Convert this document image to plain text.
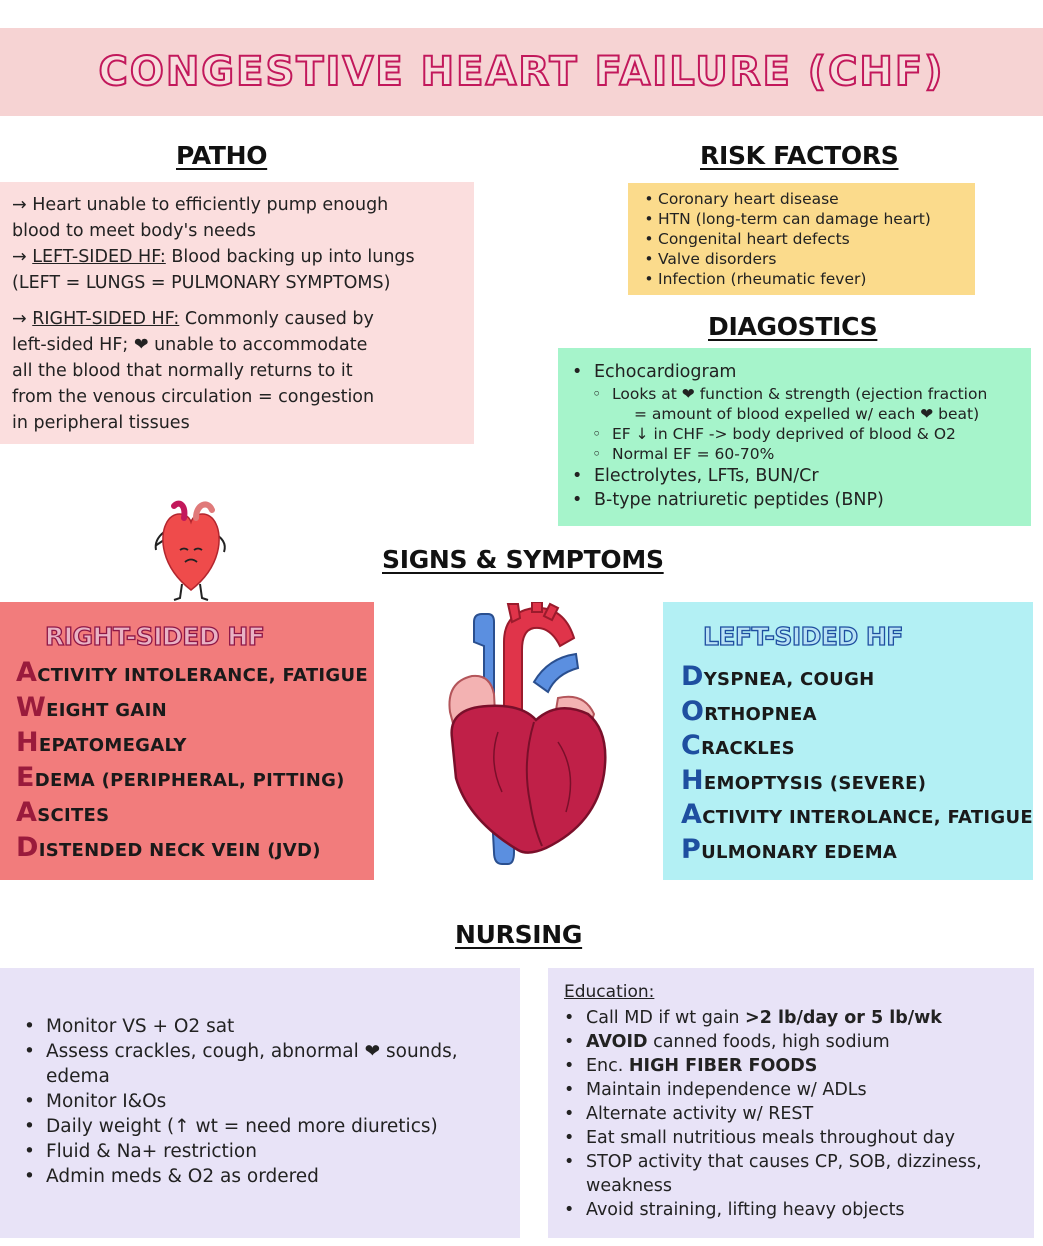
CONGESTIVE HEART FAILURE (CHF)
PATHO
→ Heart unable to efficiently pump enough
blood to meet body's needs
→ LEFT-SIDED HF: Blood backing up into lungs
(LEFT = LUNGS = PULMONARY SYMPTOMS)
→ RIGHT-SIDED HF: Commonly caused by
left-sided HF; ❤ unable to accommodate
all the blood that normally returns to it
from the venous circulation = congestion
in peripheral tissues
RISK FACTORS
• Coronary heart disease
• HTN (long-term can damage heart)
• Congenital heart defects
• Valve disorders
• Infection (rheumatic fever)
DIAGOSTICS
• Echocardiogram
◦ Looks at ❤ function & strength (ejection fraction
= amount of blood expelled w/ each ❤ beat)
◦ EF ↓ in CHF -> body deprived of blood & O2
◦ Normal EF = 60-70%
• Electrolytes, LFTs, BUN/Cr
• B-type natriuretic peptides (BNP)
SIGNS & SYMPTOMS
RIGHT-SIDED HF
ACTIVITY INTOLERANCE, FATIGUE
WEIGHT GAIN
HEPATOMEGALY
EDEMA (PERIPHERAL, PITTING)
ASCITES
DISTENDED NECK VEIN (JVD)
LEFT-SIDED HF
DYSPNEA, COUGH
ORTHOPNEA
CRACKLES
HEMOPTYSIS (SEVERE)
ACTIVITY INTEROLANCE, FATIGUE
PULMONARY EDEMA
NURSING
• Monitor VS + O2 sat
• Assess crackles, cough, abnormal ❤ sounds, edema
• Monitor I&Os
• Daily weight (↑ wt = need more diuretics)
• Fluid & Na+ restriction
• Admin meds & O2 as ordered
Education:
• Call MD if wt gain >2 lb/day or 5 lb/wk
• AVOID canned foods, high sodium
• Enc. HIGH FIBER FOODS
• Maintain independence w/ ADLs
• Alternate activity w/ REST
• Eat small nutritious meals throughout day
• STOP activity that causes CP, SOB, dizziness, weakness
• Avoid straining, lifting heavy objects
